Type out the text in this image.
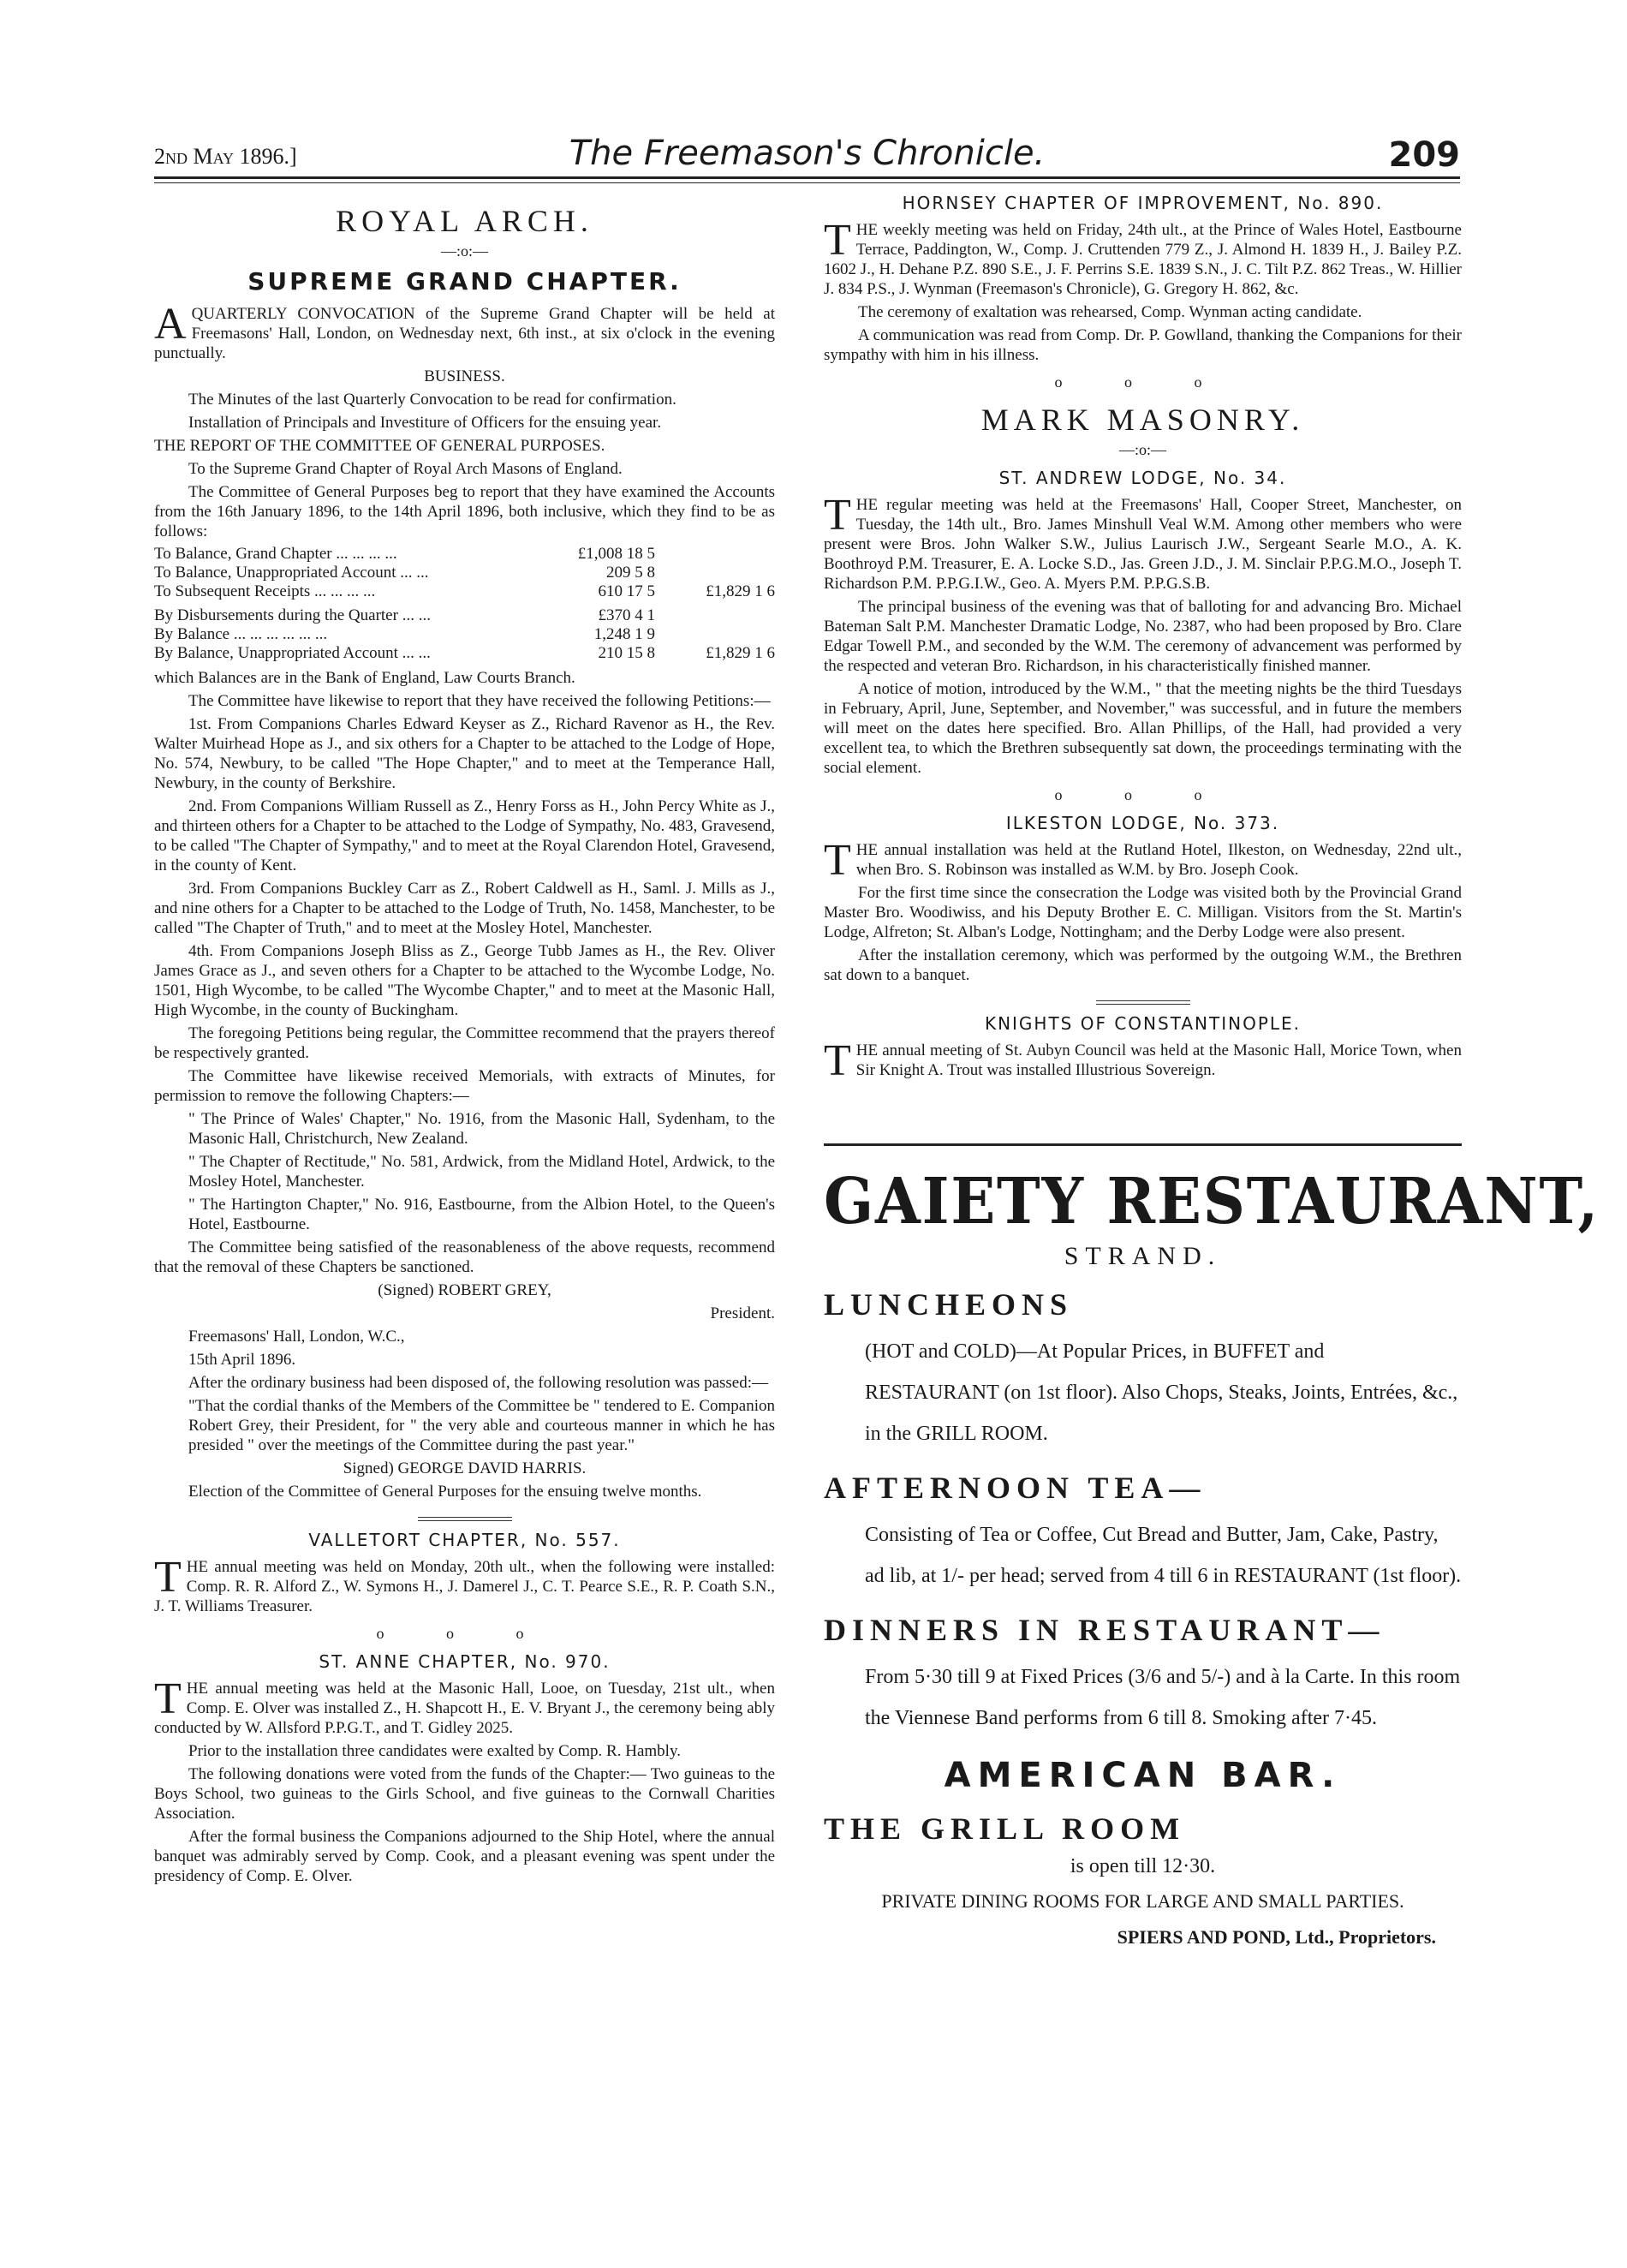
2nd May 1896.]	The Freemason's Chronicle.	209
ROYAL ARCH.
—:o:—
SUPREME GRAND CHAPTER.

AQUARTERLY CONVOCATION of the Supreme Grand Chapter will be held at Freemasons' Hall, London, on Wednesday next, 6th inst., at six o'clock in the evening punctually.

BUSINESS.

The Minutes of the last Quarterly Convocation to be read for confirmation.

Installation of Principals and Investiture of Officers for the ensuing year.

THE REPORT OF THE COMMITTEE OF GENERAL PURPOSES.

To the Supreme Grand Chapter of Royal Arch Masons of England.

The Committee of General Purposes beg to report that they have examined the Accounts from the 16th January 1896, to the 14th April 1896, both inclusive, which they find to be as follows:

To Balance, Grand Chapter ... ... ... ...	£1,008 18 5	
To Balance, Unappropriated Account ... ...	209 5 8	
To Subsequent Receipts ... ... ... ...	610 17 5	£1,829 1 6
By Disbursements during the Quarter ... ...	£370 4 1	
By Balance ... ... ... ... ... ...	1,248 1 9	
By Balance, Unappropriated Account ... ...	210 15 8	£1,829 1 6

which Balances are in the Bank of England, Law Courts Branch.

The Committee have likewise to report that they have received the following Petitions:—

1st. From Companions Charles Edward Keyser as Z., Richard Ravenor as H., the Rev. Walter Muirhead Hope as J., and six others for a Chapter to be attached to the Lodge of Hope, No. 574, Newbury, to be called "The Hope Chapter," and to meet at the Temperance Hall, Newbury, in the county of Berkshire.

2nd. From Companions William Russell as Z., Henry Forss as H., John Percy White as J., and thirteen others for a Chapter to be attached to the Lodge of Sympathy, No. 483, Gravesend, to be called "The Chapter of Sympathy," and to meet at the Royal Clarendon Hotel, Gravesend, in the county of Kent.

3rd. From Companions Buckley Carr as Z., Robert Caldwell as H., Saml. J. Mills as J., and nine others for a Chapter to be attached to the Lodge of Truth, No. 1458, Manchester, to be called "The Chapter of Truth," and to meet at the Mosley Hotel, Manchester.

4th. From Companions Joseph Bliss as Z., George Tubb James as H., the Rev. Oliver James Grace as J., and seven others for a Chapter to be attached to the Wycombe Lodge, No. 1501, High Wycombe, to be called "The Wycombe Chapter," and to meet at the Masonic Hall, High Wycombe, in the county of Buckingham.

The foregoing Petitions being regular, the Committee recommend that the prayers thereof be respectively granted.

The Committee have likewise received Memorials, with extracts of Minutes, for permission to remove the following Chapters:—

" The Prince of Wales' Chapter," No. 1916, from the Masonic Hall, Sydenham, to the Masonic Hall, Christchurch, New Zealand.

" The Chapter of Rectitude," No. 581, Ardwick, from the Midland Hotel, Ardwick, to the Mosley Hotel, Manchester.

" The Hartington Chapter," No. 916, Eastbourne, from the Albion Hotel, to the Queen's Hotel, Eastbourne.

The Committee being satisfied of the reasonableness of the above requests, recommend that the removal of these Chapters be sanctioned.

(Signed) ROBERT GREY,

President.

Freemasons' Hall, London, W.C.,

15th April 1896.

After the ordinary business had been disposed of, the following resolution was passed:—

"That the cordial thanks of the Members of the Committee be " tendered to E. Companion Robert Grey, their President, for " the very able and courteous manner in which he has presided " over the meetings of the Committee during the past year."

Signed) GEORGE DAVID HARRIS.

Election of the Committee of General Purposes for the ensuing twelve months.

VALLETORT CHAPTER, No. 557.

THE annual meeting was held on Monday, 20th ult., when the following were installed: Comp. R. R. Alford Z., W. Symons H., J. Damerel J., C. T. Pearce S.E., R. P. Coath S.N., J. T. Williams Treasurer.

o o o
ST. ANNE CHAPTER, No. 970.

THE annual meeting was held at the Masonic Hall, Looe, on Tuesday, 21st ult., when Comp. E. Olver was installed Z., H. Shapcott H., E. V. Bryant J., the ceremony being ably conducted by W. Allsford P.P.G.T., and T. Gidley 2025.

Prior to the installation three candidates were exalted by Comp. R. Hambly.

The following donations were voted from the funds of the Chapter:— Two guineas to the Boys School, two guineas to the Girls School, and five guineas to the Cornwall Charities Association.

After the formal business the Companions adjourned to the Ship Hotel, where the annual banquet was admirably served by Comp. Cook, and a pleasant evening was spent under the presidency of Comp. E. Olver.

HORNSEY CHAPTER OF IMPROVEMENT, No. 890.

THE weekly meeting was held on Friday, 24th ult., at the Prince of Wales Hotel, Eastbourne Terrace, Paddington, W., Comp. J. Cruttenden 779 Z., J. Almond H. 1839 H., J. Bailey P.Z. 1602 J., H. Dehane P.Z. 890 S.E., J. F. Perrins S.E. 1839 S.N., J. C. Tilt P.Z. 862 Treas., W. Hillier J. 834 P.S., J. Wynman (Freemason's Chronicle), G. Gregory H. 862, &c.

The ceremony of exaltation was rehearsed, Comp. Wynman acting candidate.

A communication was read from Comp. Dr. P. Gowlland, thanking the Companions for their sympathy with him in his illness.

o o o
MARK MASONRY.
—:o:—
ST. ANDREW LODGE, No. 34.

THE regular meeting was held at the Freemasons' Hall, Cooper Street, Manchester, on Tuesday, the 14th ult., Bro. James Minshull Veal W.M. Among other members who were present were Bros. John Walker S.W., Julius Laurisch J.W., Sergeant Searle M.O., A. K. Boothroyd P.M. Treasurer, E. A. Locke S.D., Jas. Green J.D., J. M. Sinclair P.P.G.M.O., Joseph T. Richardson P.M. P.P.G.I.W., Geo. A. Myers P.M. P.P.G.S.B.

The principal business of the evening was that of balloting for and advancing Bro. Michael Bateman Salt P.M. Manchester Dramatic Lodge, No. 2387, who had been proposed by Bro. Clare Edgar Towell P.M., and seconded by the W.M. The ceremony of advancement was performed by the respected and veteran Bro. Richardson, in his characteristically finished manner.

A notice of motion, introduced by the W.M., " that the meeting nights be the third Tuesdays in February, April, June, September, and November," was successful, and in future the members will meet on the dates here specified. Bro. Allan Phillips, of the Hall, had provided a very excellent tea, to which the Brethren subsequently sat down, the proceedings terminating with the social element.

o o o
ILKESTON LODGE, No. 373.

THE annual installation was held at the Rutland Hotel, Ilkeston, on Wednesday, 22nd ult., when Bro. S. Robinson was installed as W.M. by Bro. Joseph Cook.

For the first time since the consecration the Lodge was visited both by the Provincial Grand Master Bro. Woodiwiss, and his Deputy Brother E. C. Milligan. Visitors from the St. Martin's Lodge, Alfreton; St. Alban's Lodge, Nottingham; and the Derby Lodge were also present.

After the installation ceremony, which was performed by the outgoing W.M., the Brethren sat down to a banquet.

KNIGHTS OF CONSTANTINOPLE.

THE annual meeting of St. Aubyn Council was held at the Masonic Hall, Morice Town, when Sir Knight A. Trout was installed Illustrious Sovereign.

GAIETY RESTAURANT,
STRAND.
LUNCHEONS

(HOT and COLD)—At Popular Prices, in BUFFET and RESTAURANT (on 1st floor). Also Chops, Steaks, Joints, Entrées, &c., in the GRILL ROOM.

AFTERNOON TEA—

Consisting of Tea or Coffee, Cut Bread and Butter, Jam, Cake, Pastry, ad lib, at 1/- per head; served from 4 till 6 in RESTAURANT (1st floor).

DINNERS IN RESTAURANT—

From 5·30 till 9 at Fixed Prices (3/6 and 5/-) and à la Carte. In this room the Viennese Band performs from 6 till 8. Smoking after 7·45.

AMERICAN BAR.
THE GRILL ROOM
is open till 12·30.
PRIVATE DINING ROOMS FOR LARGE AND SMALL PARTIES.
SPIERS AND POND, Ltd., Proprietors.
